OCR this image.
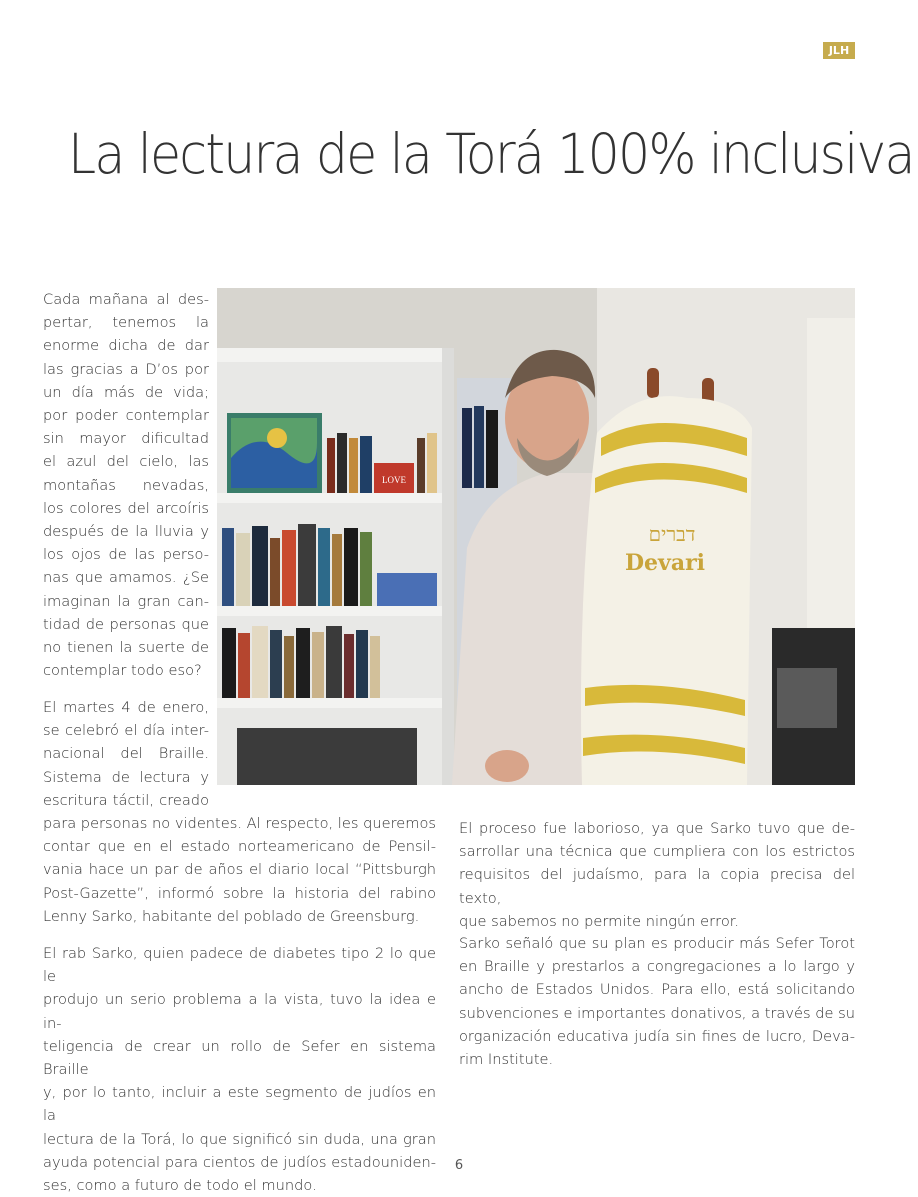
JLH
La lectura de la Torá 100% inclusiva
LOVE
דברים
Devari
Cada mañana al des-
pertar, tenemos la
enorme dicha de dar
las gracias a D’os por
un día más de vida;
por poder contemplar
sin mayor dificultad
el azul del cielo, las
montañas nevadas,
los colores del arcoíris
después de la lluvia y
los ojos de las perso-
nas que amamos. ¿Se
imaginan la gran can-
tidad de personas que
no tienen la suerte de
contemplar todo eso?
El martes 4 de enero,
se celebró el día inter-
nacional del Braille.
Sistema de lectura y
escritura táctil, creado
para personas no videntes. Al respecto, les queremos
contar que en el estado norteamericano de Pensil-
vania hace un par de años el diario local “Pittsburgh
Post-Gazette”, informó sobre la historia del rabino
Lenny Sarko, habitante del poblado de Greensburg.
El rab Sarko, quien padece de diabetes tipo 2 lo que le
produjo un serio problema a la vista, tuvo la idea e in-
teligencia de crear un rollo de Sefer en sistema Braille
y, por lo tanto, incluir a este segmento de judíos en la
lectura de la Torá, lo que significó sin duda, una gran
ayuda potencial para cientos de judíos estadouniden-
ses, como a futuro de todo el mundo.
El proceso fue laborioso, ya que Sarko tuvo que de-
sarrollar una técnica que cumpliera con los estrictos
requisitos del judaísmo, para la copia precisa del texto,
que sabemos no permite ningún error.
Sarko señaló que su plan es producir más Sefer Torot
en Braille y prestarlos a congregaciones a lo largo y
ancho de Estados Unidos. Para ello, está solicitando
subvenciones e importantes donativos, a través de su
organización educativa judía sin fines de lucro, Deva-
rim Institute.
6
